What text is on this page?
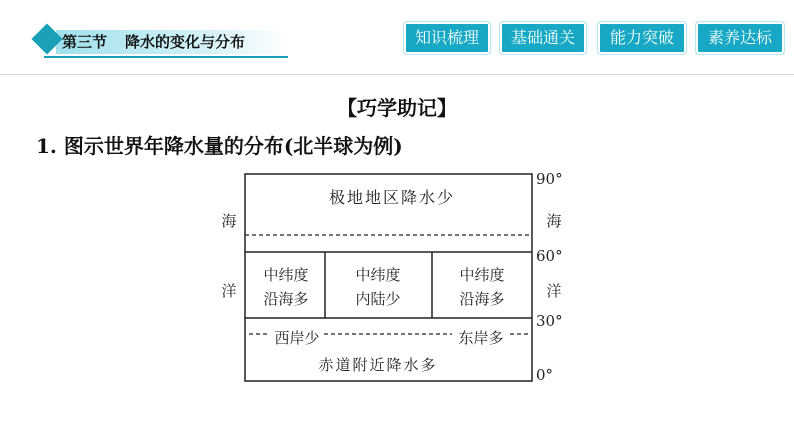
第三节 降水的变化与分布	知识梳理	基础通关	能力突破	素养达标
【巧学助记】
1. 图示世界年降水量的分布(北半球为例)
极地地区降水少
中纬度
沿海多
中纬度
内陆少
中纬度
沿海多
西岸少	东岸多
赤道附近降水多
海
洋
海
洋
90°
60°
30°
0°
